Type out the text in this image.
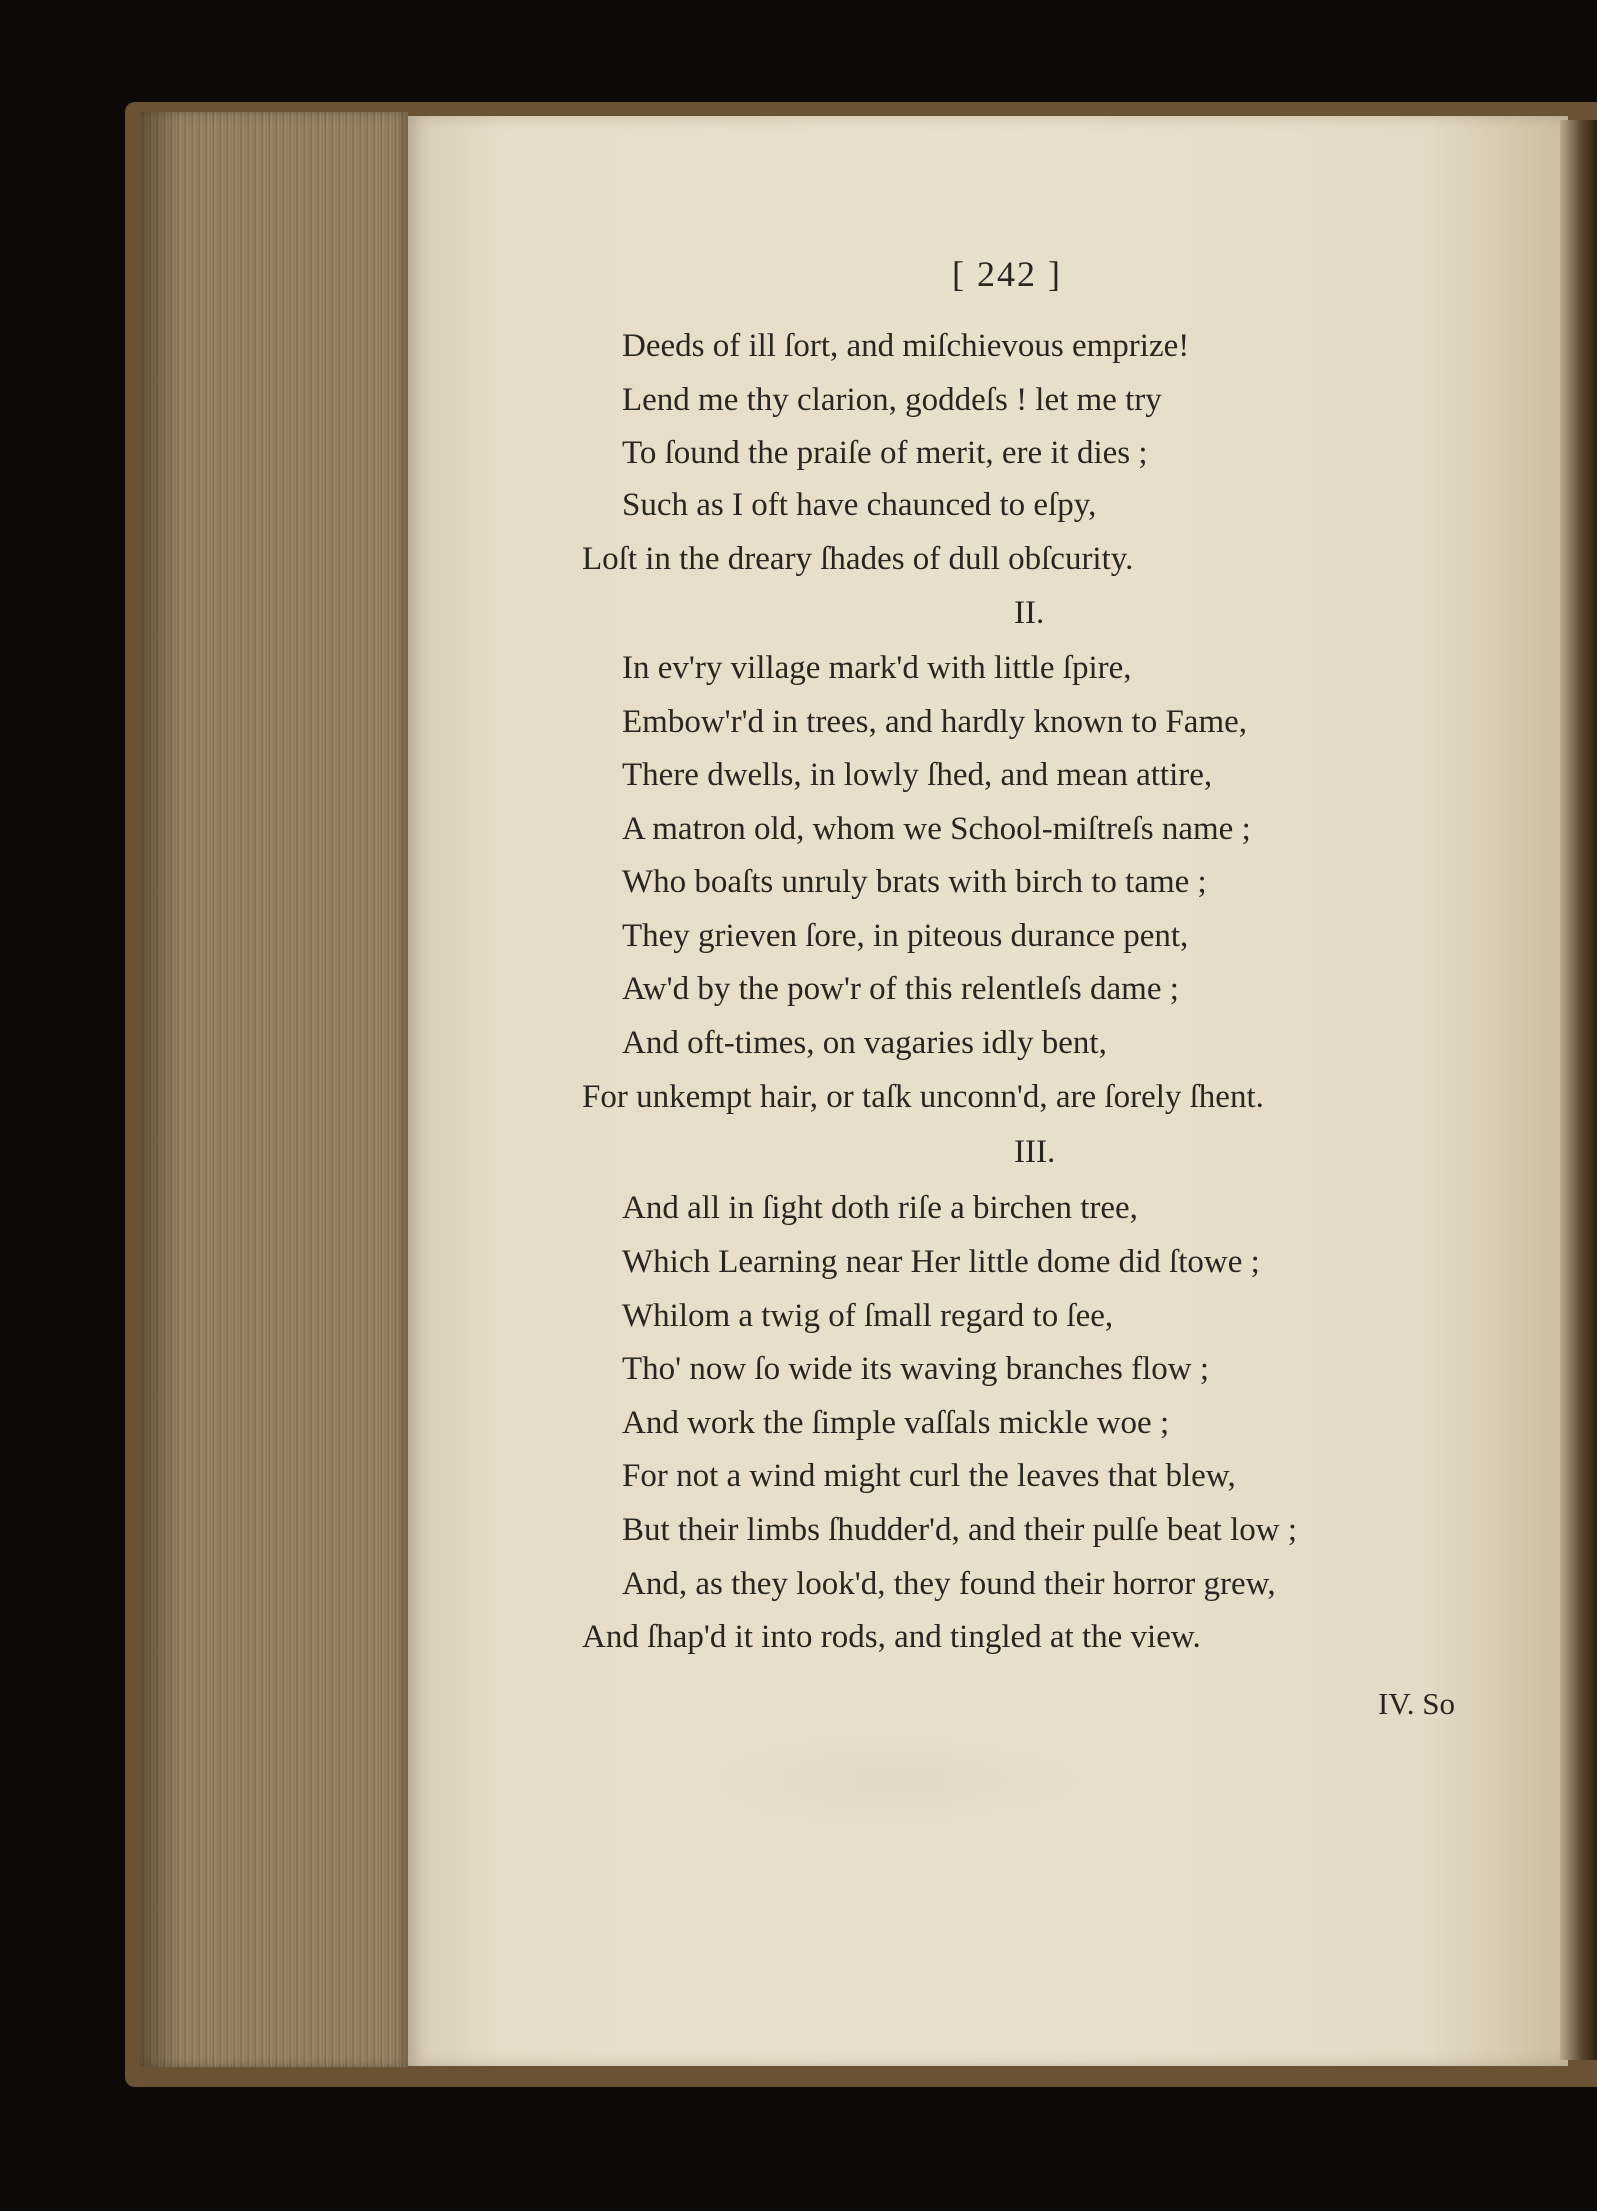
[ 242 ]
Deeds of ill ſort, and miſchievous emprize!
Lend me thy clarion, goddeſs ! let me try
To ſound the praiſe of merit, ere it dies ;
Such as I oft have chaunced to eſpy,
Loſt in the dreary ſhades of dull obſcurity.
II.
In ev'ry village mark'd with little ſpire,
Embow'r'd in trees, and hardly known to Fame,
There dwells, in lowly ſhed, and mean attire,
A matron old, whom we School-miſtreſs name ;
Who boaſts unruly brats with birch to tame ;
They grieven ſore, in piteous durance pent,
Aw'd by the pow'r of this relentleſs dame ;
And oft-times, on vagaries idly bent,
For unkempt hair, or taſk unconn'd, are ſorely ſhent.
III.
And all in ſight doth riſe a birchen tree,
Which Learning near Her little dome did ſtowe ;
Whilom a twig of ſmall regard to ſee,
Tho' now ſo wide its waving branches flow ;
And work the ſimple vaſſals mickle woe ;
For not a wind might curl the leaves that blew,
But their limbs ſhudder'd, and their pulſe beat low ;
And, as they look'd, they found their horror grew,
And ſhap'd it into rods, and tingled at the view.
IV. So
